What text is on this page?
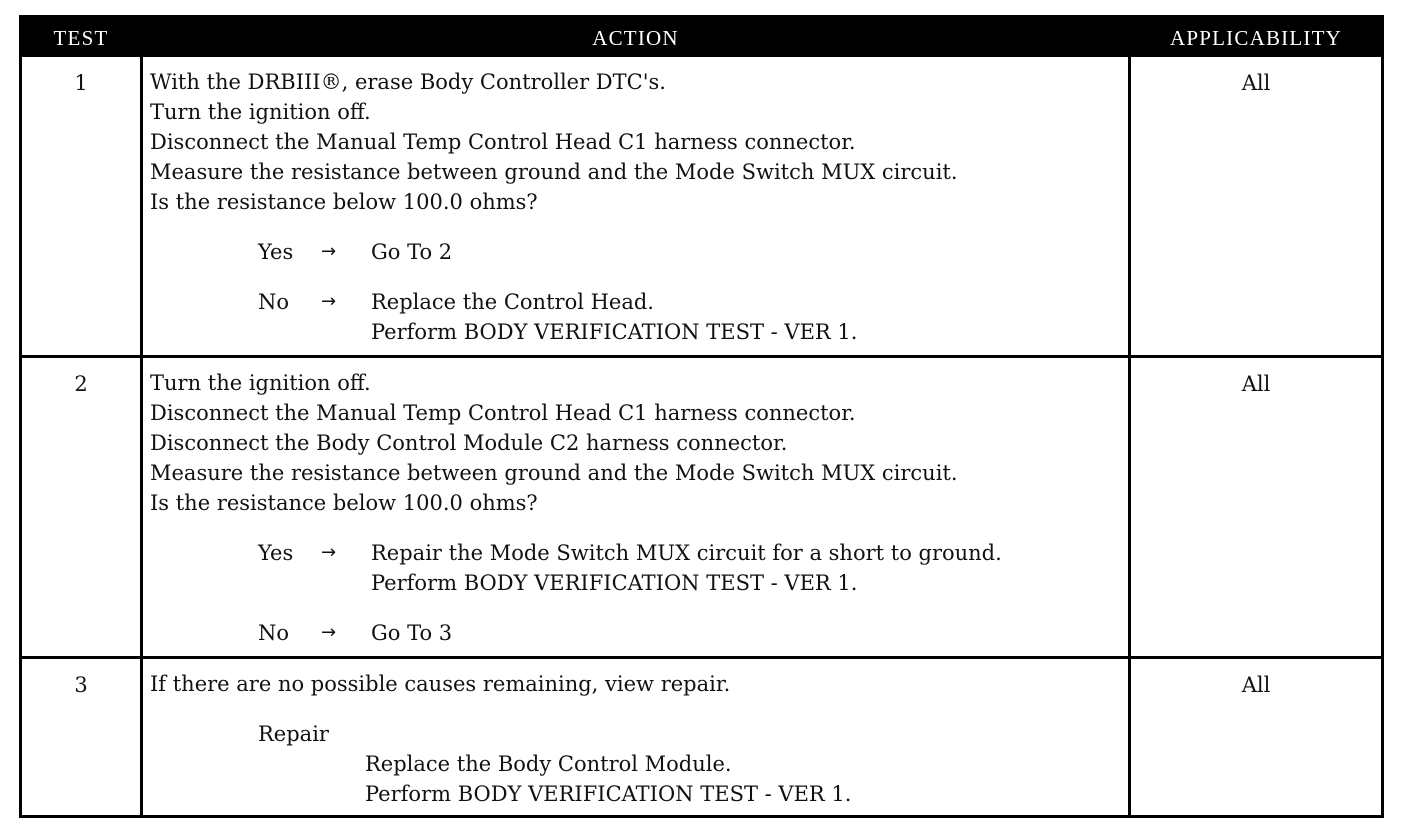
TEST	ACTION	APPLICABILITY
1	With the DRBIII®, erase Body Controller DTC's.
Turn the ignition off.
Disconnect the Manual Temp Control Head C1 harness connector.
Measure the resistance between ground and the Mode Switch MUX circuit.
Is the resistance below 100.0 ohms?
Yes → Go To 2
No → Replace the Control Head.
Perform BODY VERIFICATION TEST - VER 1.
All
2	Turn the ignition off.
Disconnect the Manual Temp Control Head C1 harness connector.
Disconnect the Body Control Module C2 harness connector.
Measure the resistance between ground and the Mode Switch MUX circuit.
Is the resistance below 100.0 ohms?
Yes → Repair the Mode Switch MUX circuit for a short to ground.
Perform BODY VERIFICATION TEST - VER 1.
No → Go To 3
All
3	If there are no possible causes remaining, view repair.
Repair
Replace the Body Control Module.
Perform BODY VERIFICATION TEST - VER 1.
All
